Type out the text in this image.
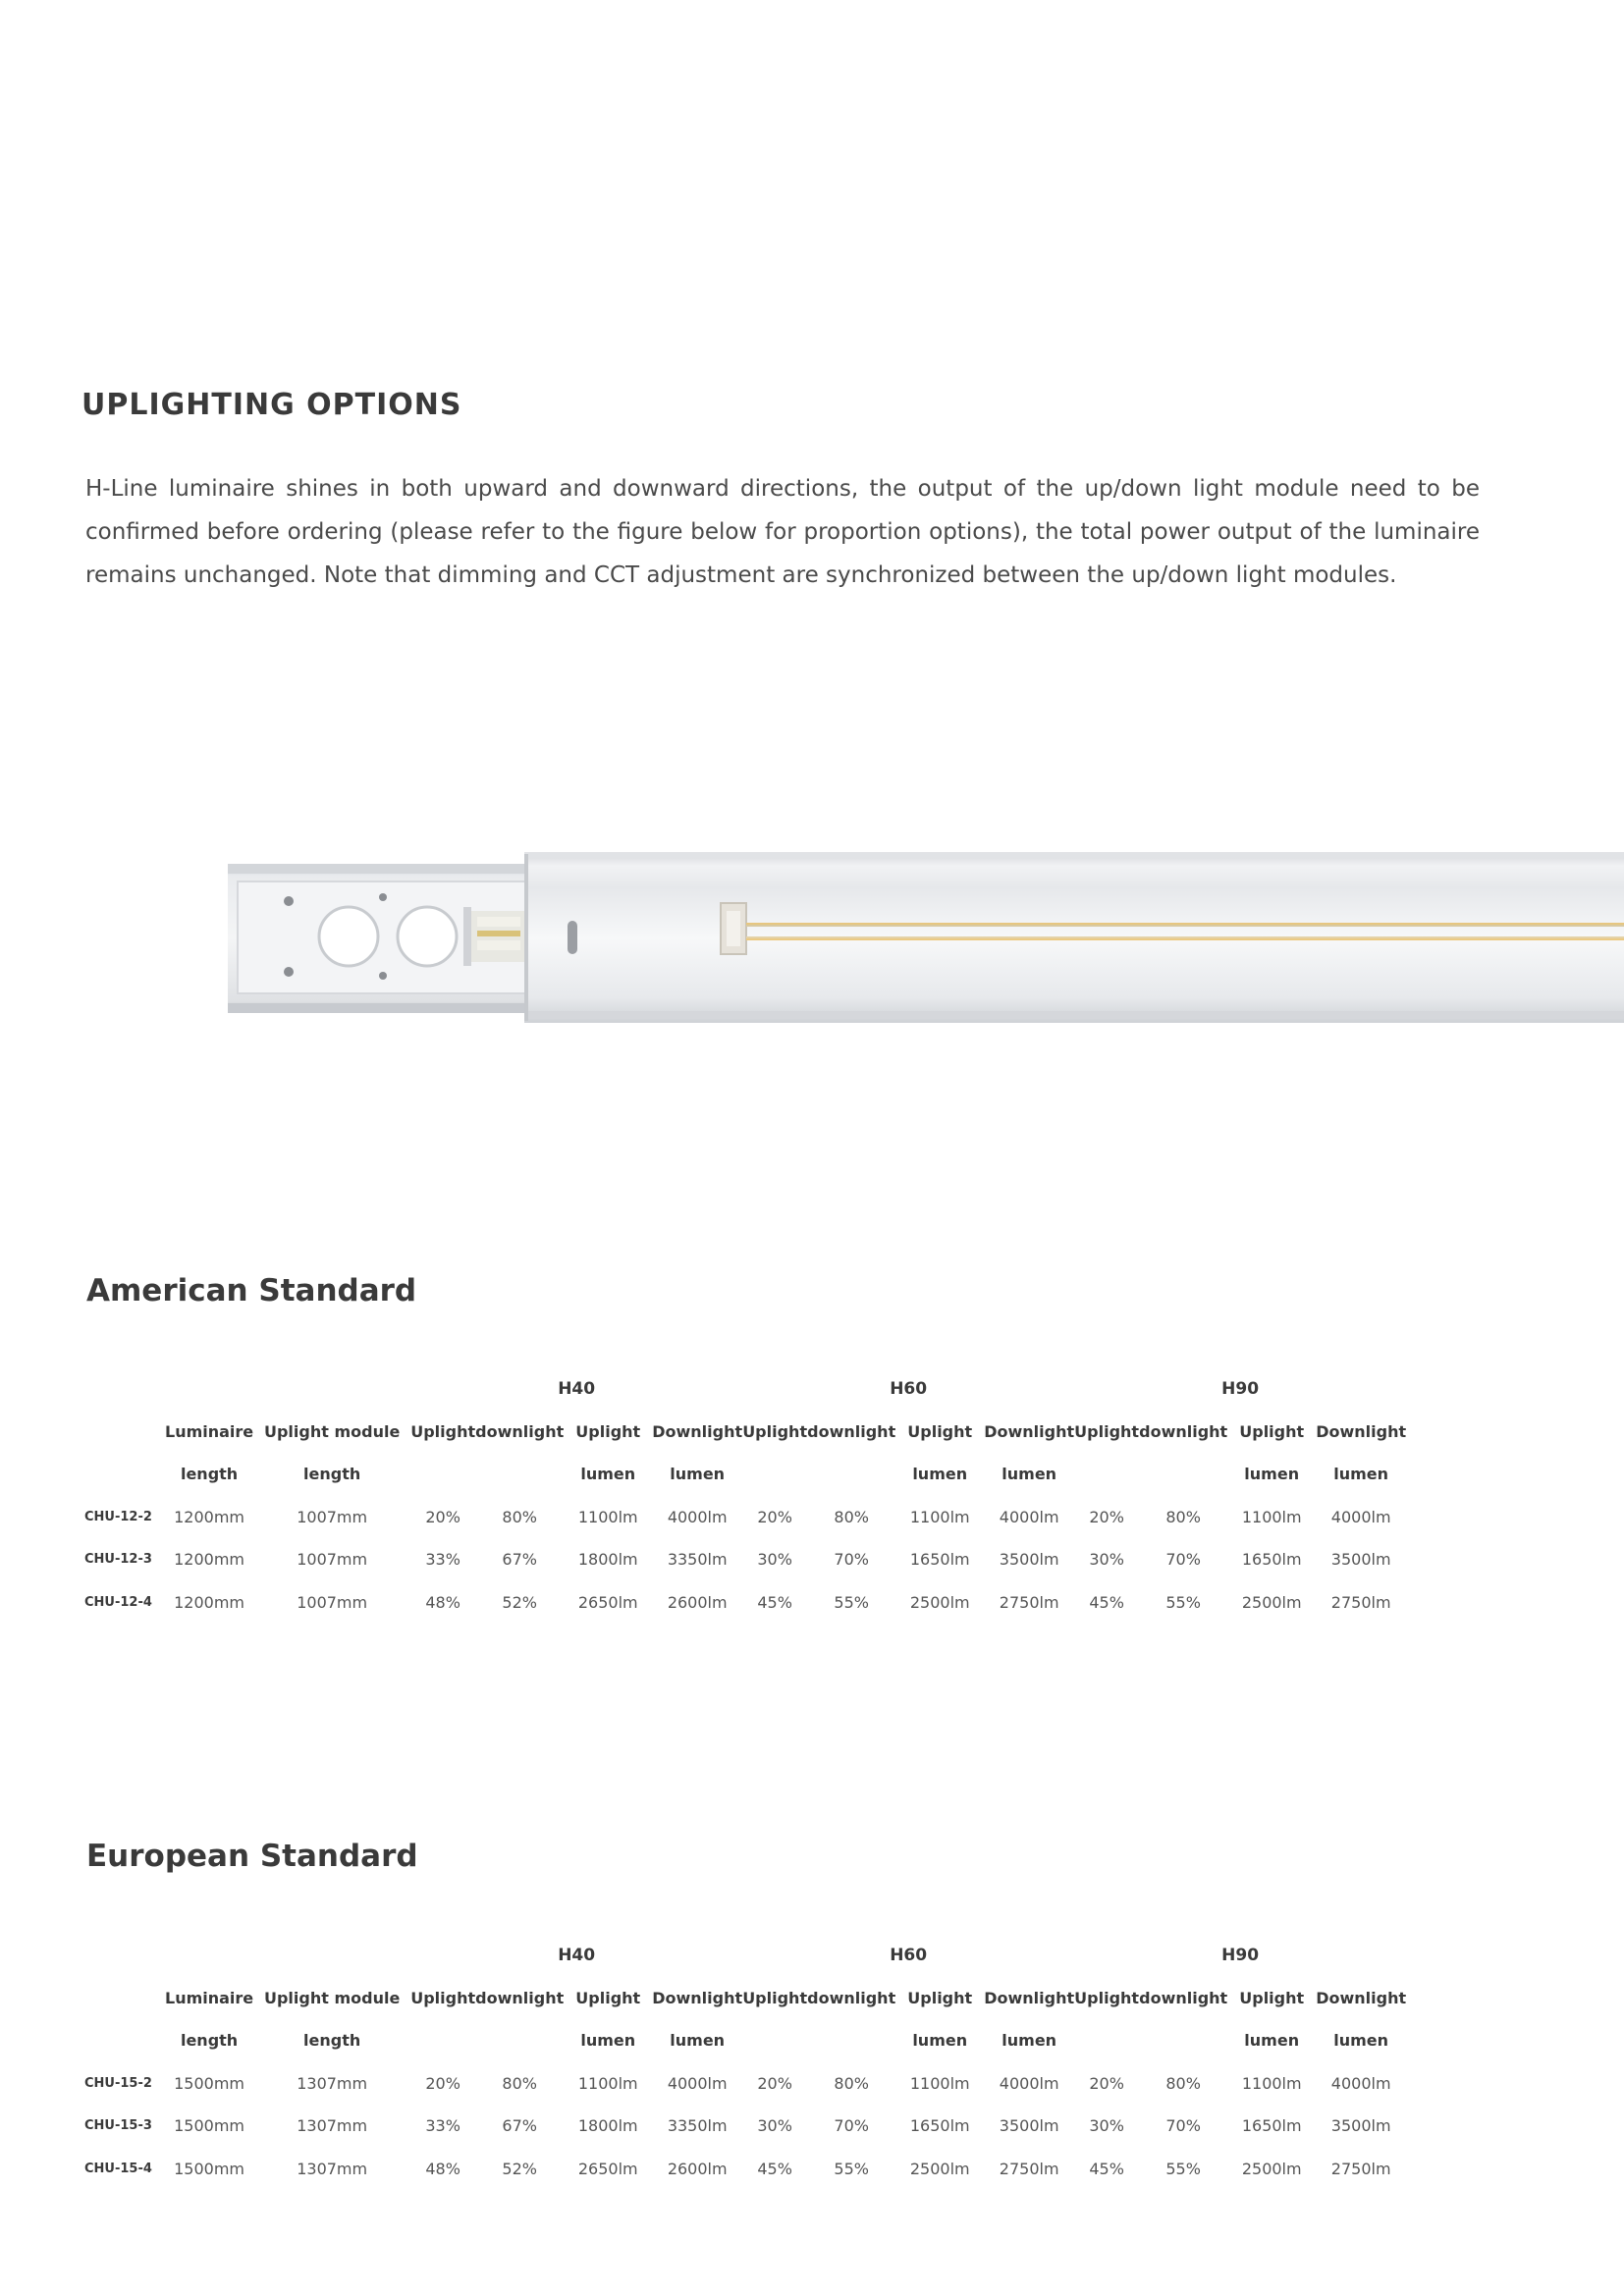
UPLIGHTING OPTIONS

H-Line luminaire shines in both upward and downward directions, the output of the up/down light module need to be confirmed before ordering (please refer to the figure below for proportion options), the total power output of the luminaire remains unchanged. Note that dimming and CCT adjustment are synchronized between the up/down light modules.

American Standard
			H40				H60				H90			
	Luminaire	Uplight module	Uplight	downlight	Uplight	Downlight	Uplight	downlight	Uplight	Downlight	Uplight	downlight	Uplight	Downlight
	length	length			lumen	lumen			lumen	lumen			lumen	lumen
CHU-12-2	1200mm	1007mm	20%	80%	1100lm	4000lm	20%	80%	1100lm	4000lm	20%	80%	1100lm	4000lm
CHU-12-3	1200mm	1007mm	33%	67%	1800lm	3350lm	30%	70%	1650lm	3500lm	30%	70%	1650lm	3500lm
CHU-12-4	1200mm	1007mm	48%	52%	2650lm	2600lm	45%	55%	2500lm	2750lm	45%	55%	2500lm	2750lm
European Standard
			H40				H60				H90			
	Luminaire	Uplight module	Uplight	downlight	Uplight	Downlight	Uplight	downlight	Uplight	Downlight	Uplight	downlight	Uplight	Downlight
	length	length			lumen	lumen			lumen	lumen			lumen	lumen
CHU-15-2	1500mm	1307mm	20%	80%	1100lm	4000lm	20%	80%	1100lm	4000lm	20%	80%	1100lm	4000lm
CHU-15-3	1500mm	1307mm	33%	67%	1800lm	3350lm	30%	70%	1650lm	3500lm	30%	70%	1650lm	3500lm
CHU-15-4	1500mm	1307mm	48%	52%	2650lm	2600lm	45%	55%	2500lm	2750lm	45%	55%	2500lm	2750lm
